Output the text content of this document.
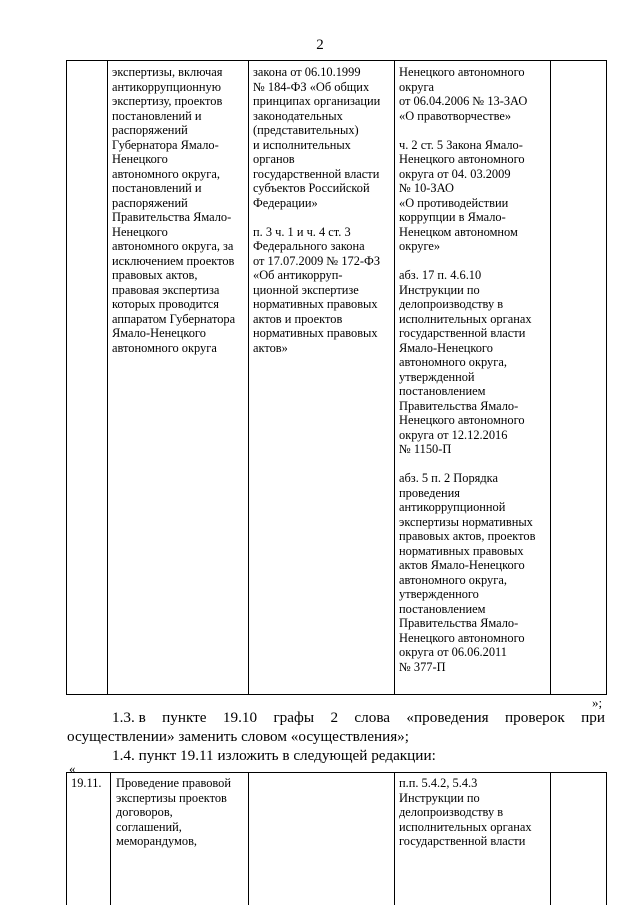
2
экспертизы, включая
антикоррупционную
экспертизу, проектов
постановлений и
распоряжений
Губернатора Ямало-
Ненецкого
автономного округа,
постановлений и
распоряжений
Правительства Ямало-
Ненецкого
автономного округа, за
исключением проектов
правовых актов,
правовая экспертиза
которых проводится
аппаратом Губернатора
Ямало-Ненецкого
автономного округа
закона от 06.10.1999
№ 184-ФЗ «Об общих
принципах организации
законодательных
(представительных)
и исполнительных
органов
государственной власти
субъектов Российской
Федерации»

п. 3 ч. 1 и ч. 4 ст. 3
Федерального закона
от 17.07.2009 № 172-ФЗ
«Об антикорруп-
ционной экспертизе
нормативных правовых
актов и проектов
нормативных правовых
актов»
Ненецкого автономного
округа
от 06.04.2006 № 13-ЗАО
«О правотворчестве»

ч. 2 ст. 5 Закона Ямало-
Ненецкого автономного
округа от 04. 03.2009
№ 10-ЗАО
«О противодействии
коррупции в Ямало-
Ненецком автономном
округе»

абз. 17 п. 4.6.10
Инструкции по
делопроизводству в
исполнительных органах
государственной власти
Ямало-Ненецкого
автономного округа,
утвержденной
постановлением
Правительства Ямало-
Ненецкого автономного
округа от 12.12.2016
№ 1150-П

абз. 5 п. 2 Порядка
проведения
антикоррупционной
экспертизы нормативных
правовых актов, проектов
нормативных правовых
актов Ямало-Ненецкого
автономного округа,
утвержденного
постановлением
Правительства Ямало-
Ненецкого автономного
округа от 06.06.2011
№ 377-П
»;
1.3. в пункте 19.10 графы 2 слова «проведения проверок при
осуществлении» заменить словом «осуществления»;
1.4. пункт 19.11 изложить в следующей редакции:
«
19.11.	Проведение правовой
экспертизы проектов
договоров,
соглашений,
меморандумов,
п.п. 5.4.2, 5.4.3
Инструкции по
делопроизводству в
исполнительных органах
государственной власти
